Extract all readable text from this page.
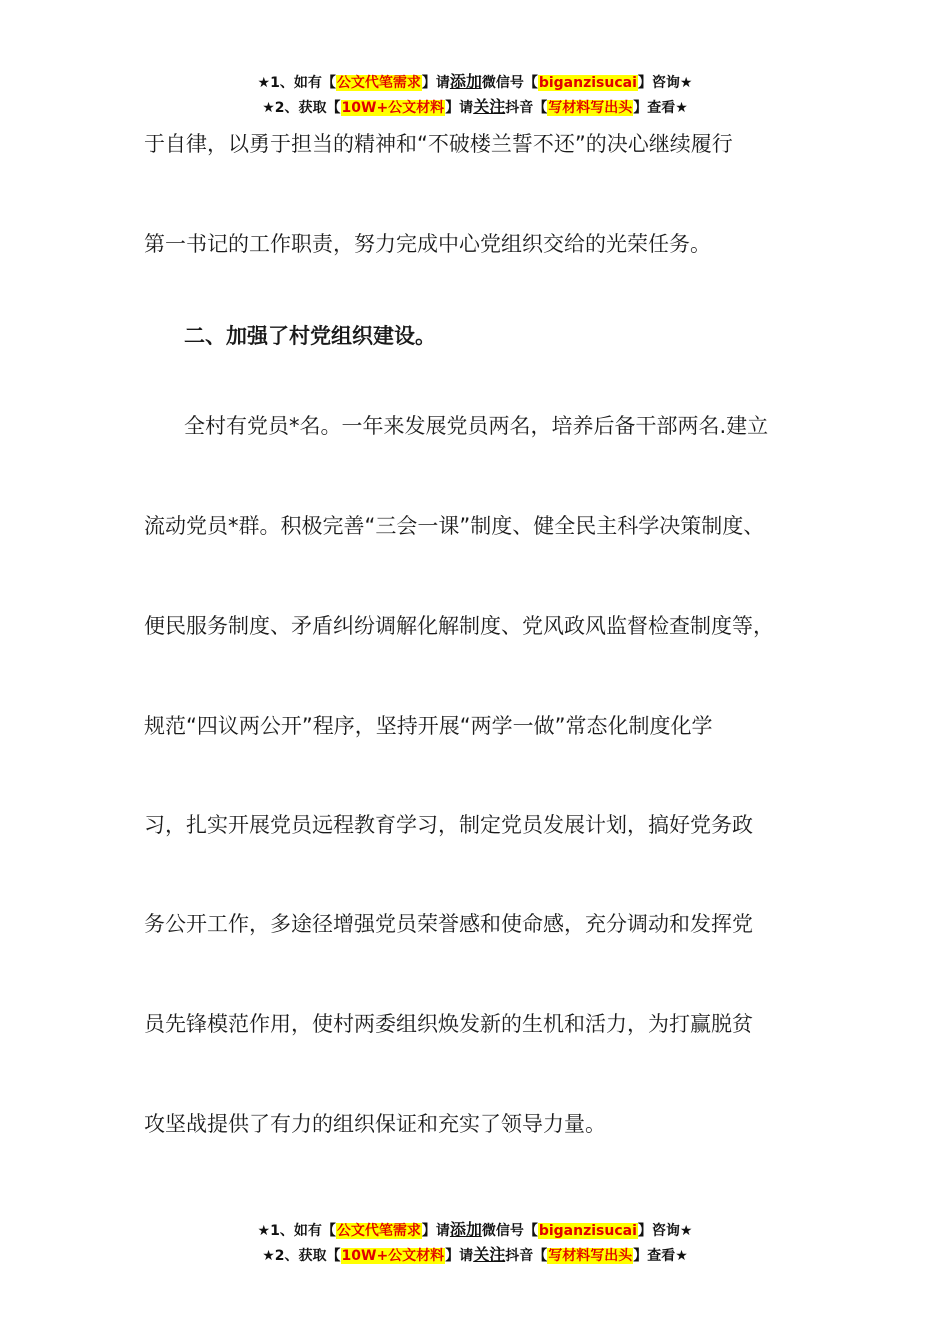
★1、如有【公文代笔需求】请添加微信号【biganzisucai】咨询★
★2、获取【10W+公文材料】请关注抖音【写材料写出头】查看★
于自律，以勇于担当的精神和“不破楼兰誓不还”的决心继续履行
第一书记的工作职责，努力完成中心党组织交给的光荣任务。
二、加强了村党组织建设。
全村有党员*名。一年来发展党员两名，培养后备干部两名.建立
流动党员*群。积极完善“三会一课”制度、健全民主科学决策制度、
便民服务制度、矛盾纠纷调解化解制度、党风政风监督检查制度等，
规范“四议两公开”程序，坚持开展“两学一做”常态化制度化学
习，扎实开展党员远程教育学习，制定党员发展计划，搞好党务政
务公开工作，多途径增强党员荣誉感和使命感，充分调动和发挥党
员先锋模范作用，使村两委组织焕发新的生机和活力，为打赢脱贫
攻坚战提供了有力的组织保证和充实了领导力量。
★1、如有【公文代笔需求】请添加微信号【biganzisucai】咨询★
★2、获取【10W+公文材料】请关注抖音【写材料写出头】查看★
